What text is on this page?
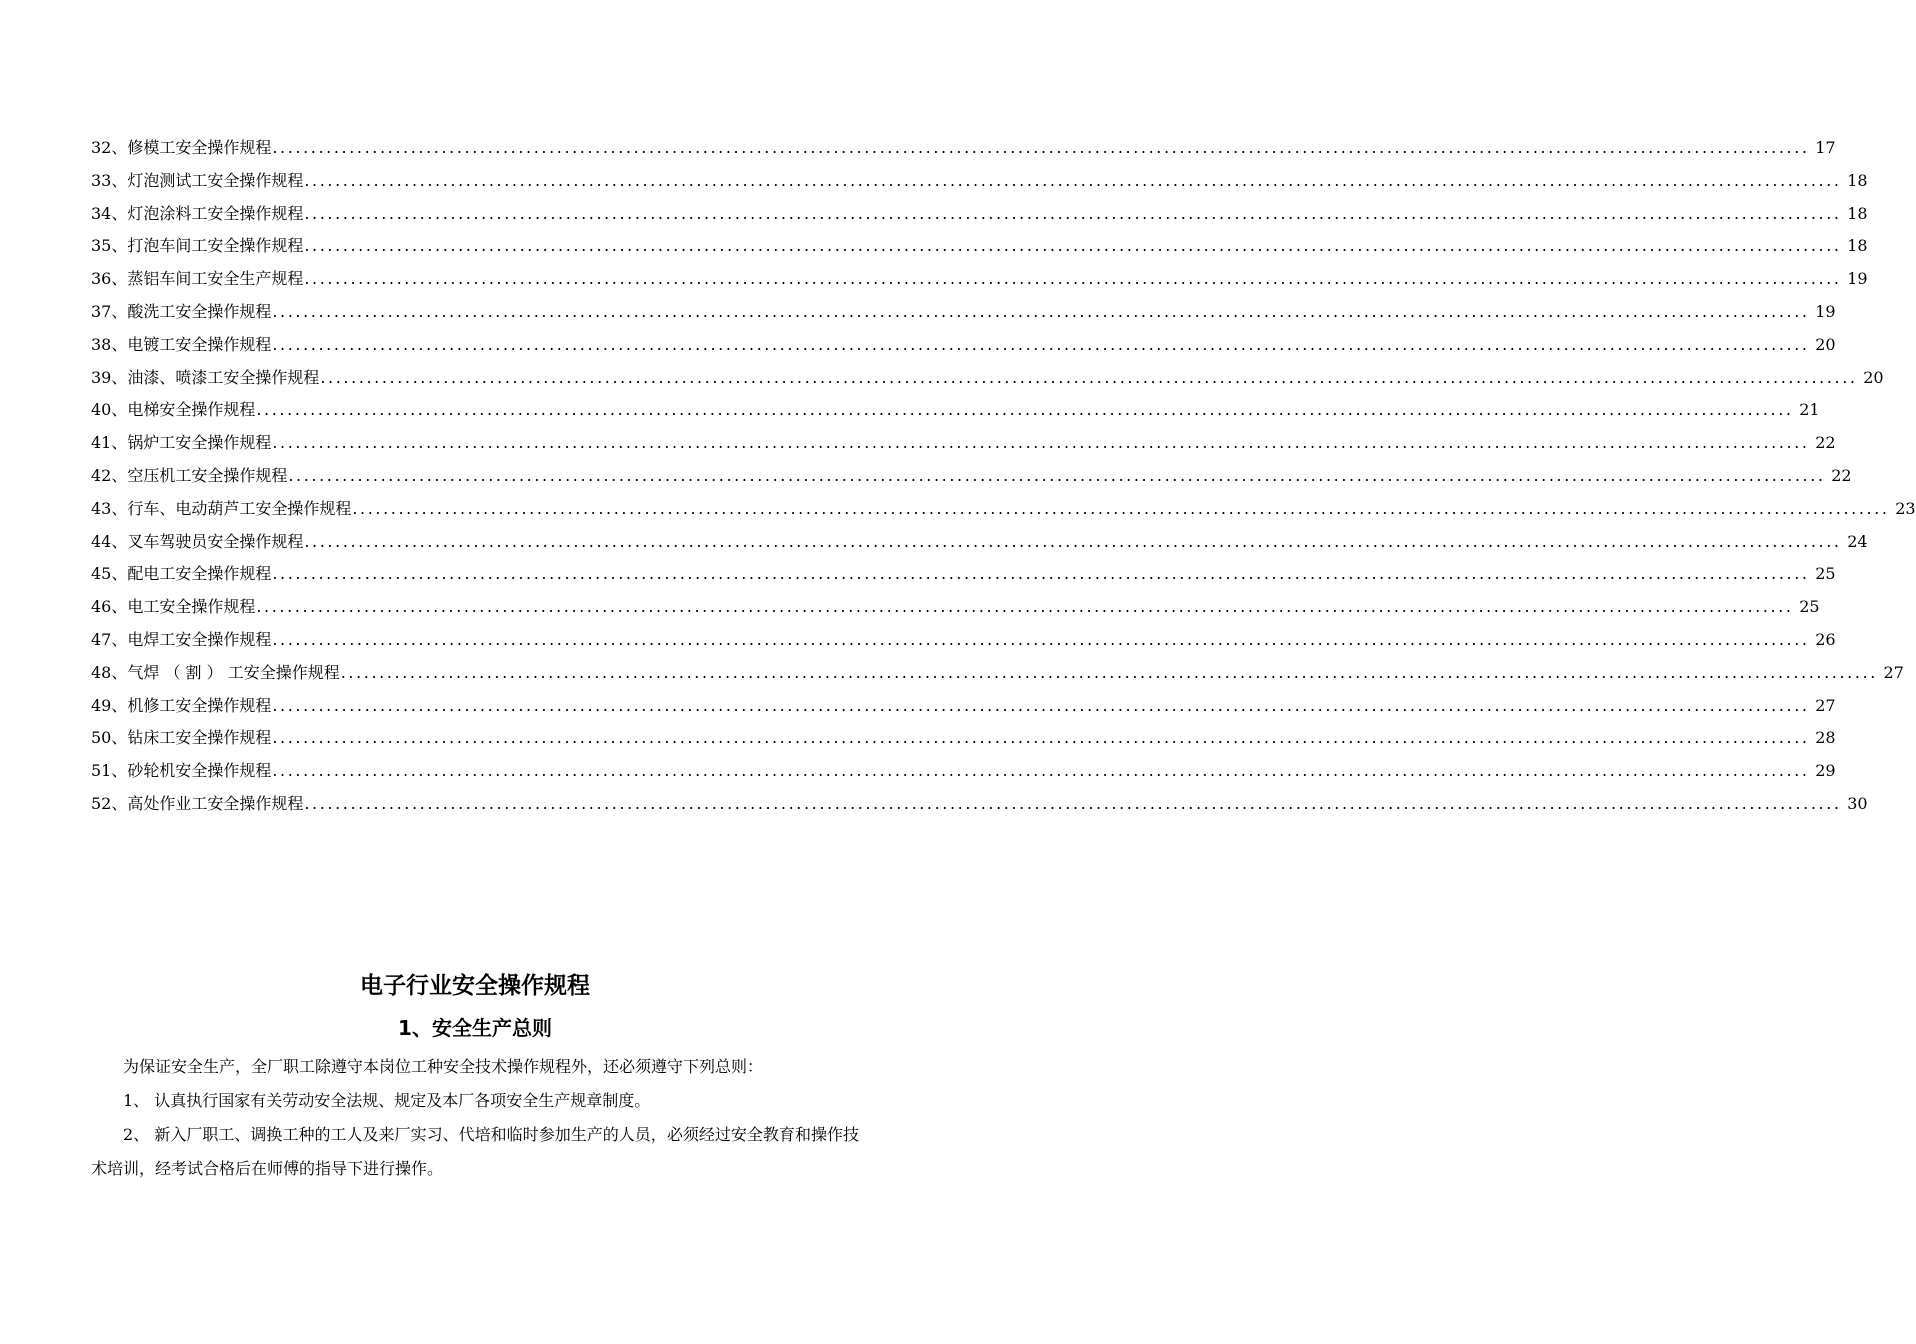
32、修模工安全操作规程 ........................................................................................................................................................................................................ 17
33、灯泡测试工安全操作规程 ........................................................................................................................................................................................................ 18
34、灯泡涂料工安全操作规程 ........................................................................................................................................................................................................ 18
35、打泡车间工安全操作规程 ........................................................................................................................................................................................................ 18
36、蒸铝车间工安全生产规程 ........................................................................................................................................................................................................ 19
37、酸洗工安全操作规程 ........................................................................................................................................................................................................ 19
38、电镀工安全操作规程 ........................................................................................................................................................................................................ 20
39、油漆、喷漆工安全操作规程 ........................................................................................................................................................................................................ 20
40、电梯安全操作规程 ........................................................................................................................................................................................................ 21
41、锅炉工安全操作规程 ........................................................................................................................................................................................................ 22
42、空压机工安全操作规程 ........................................................................................................................................................................................................ 22
43、行车、电动葫芦工安全操作规程 ........................................................................................................................................................................................................ 23
44、叉车驾驶员安全操作规程 ........................................................................................................................................................................................................ 24
45、配电工安全操作规程 ........................................................................................................................................................................................................ 25
46、电工安全操作规程 ........................................................................................................................................................................................................ 25
47、电焊工安全操作规程 ........................................................................................................................................................................................................ 26
48、气焊 （ 割 ） 工安全操作规程 ........................................................................................................................................................................................................ 27
49、机修工安全操作规程 ........................................................................................................................................................................................................ 27
50、钻床工安全操作规程 ........................................................................................................................................................................................................ 28
51、砂轮机安全操作规程 ........................................................................................................................................................................................................ 29
52、高处作业工安全操作规程 ........................................................................................................................................................................................................ 30
电子行业安全操作规程
1、安全生产总则

为保证安全生产，全厂职工除遵守本岗位工种安全技术操作规程外，还必须遵守下列总则：

1、 认真执行国家有关劳动安全法规、规定及本厂各项安全生产规章制度。

2、 新入厂职工、调换工种的工人及来厂实习、代培和临时参加生产的人员，必须经过安全教育和操作技术培训，经考试合格后在师傅的指导下进行操作。
